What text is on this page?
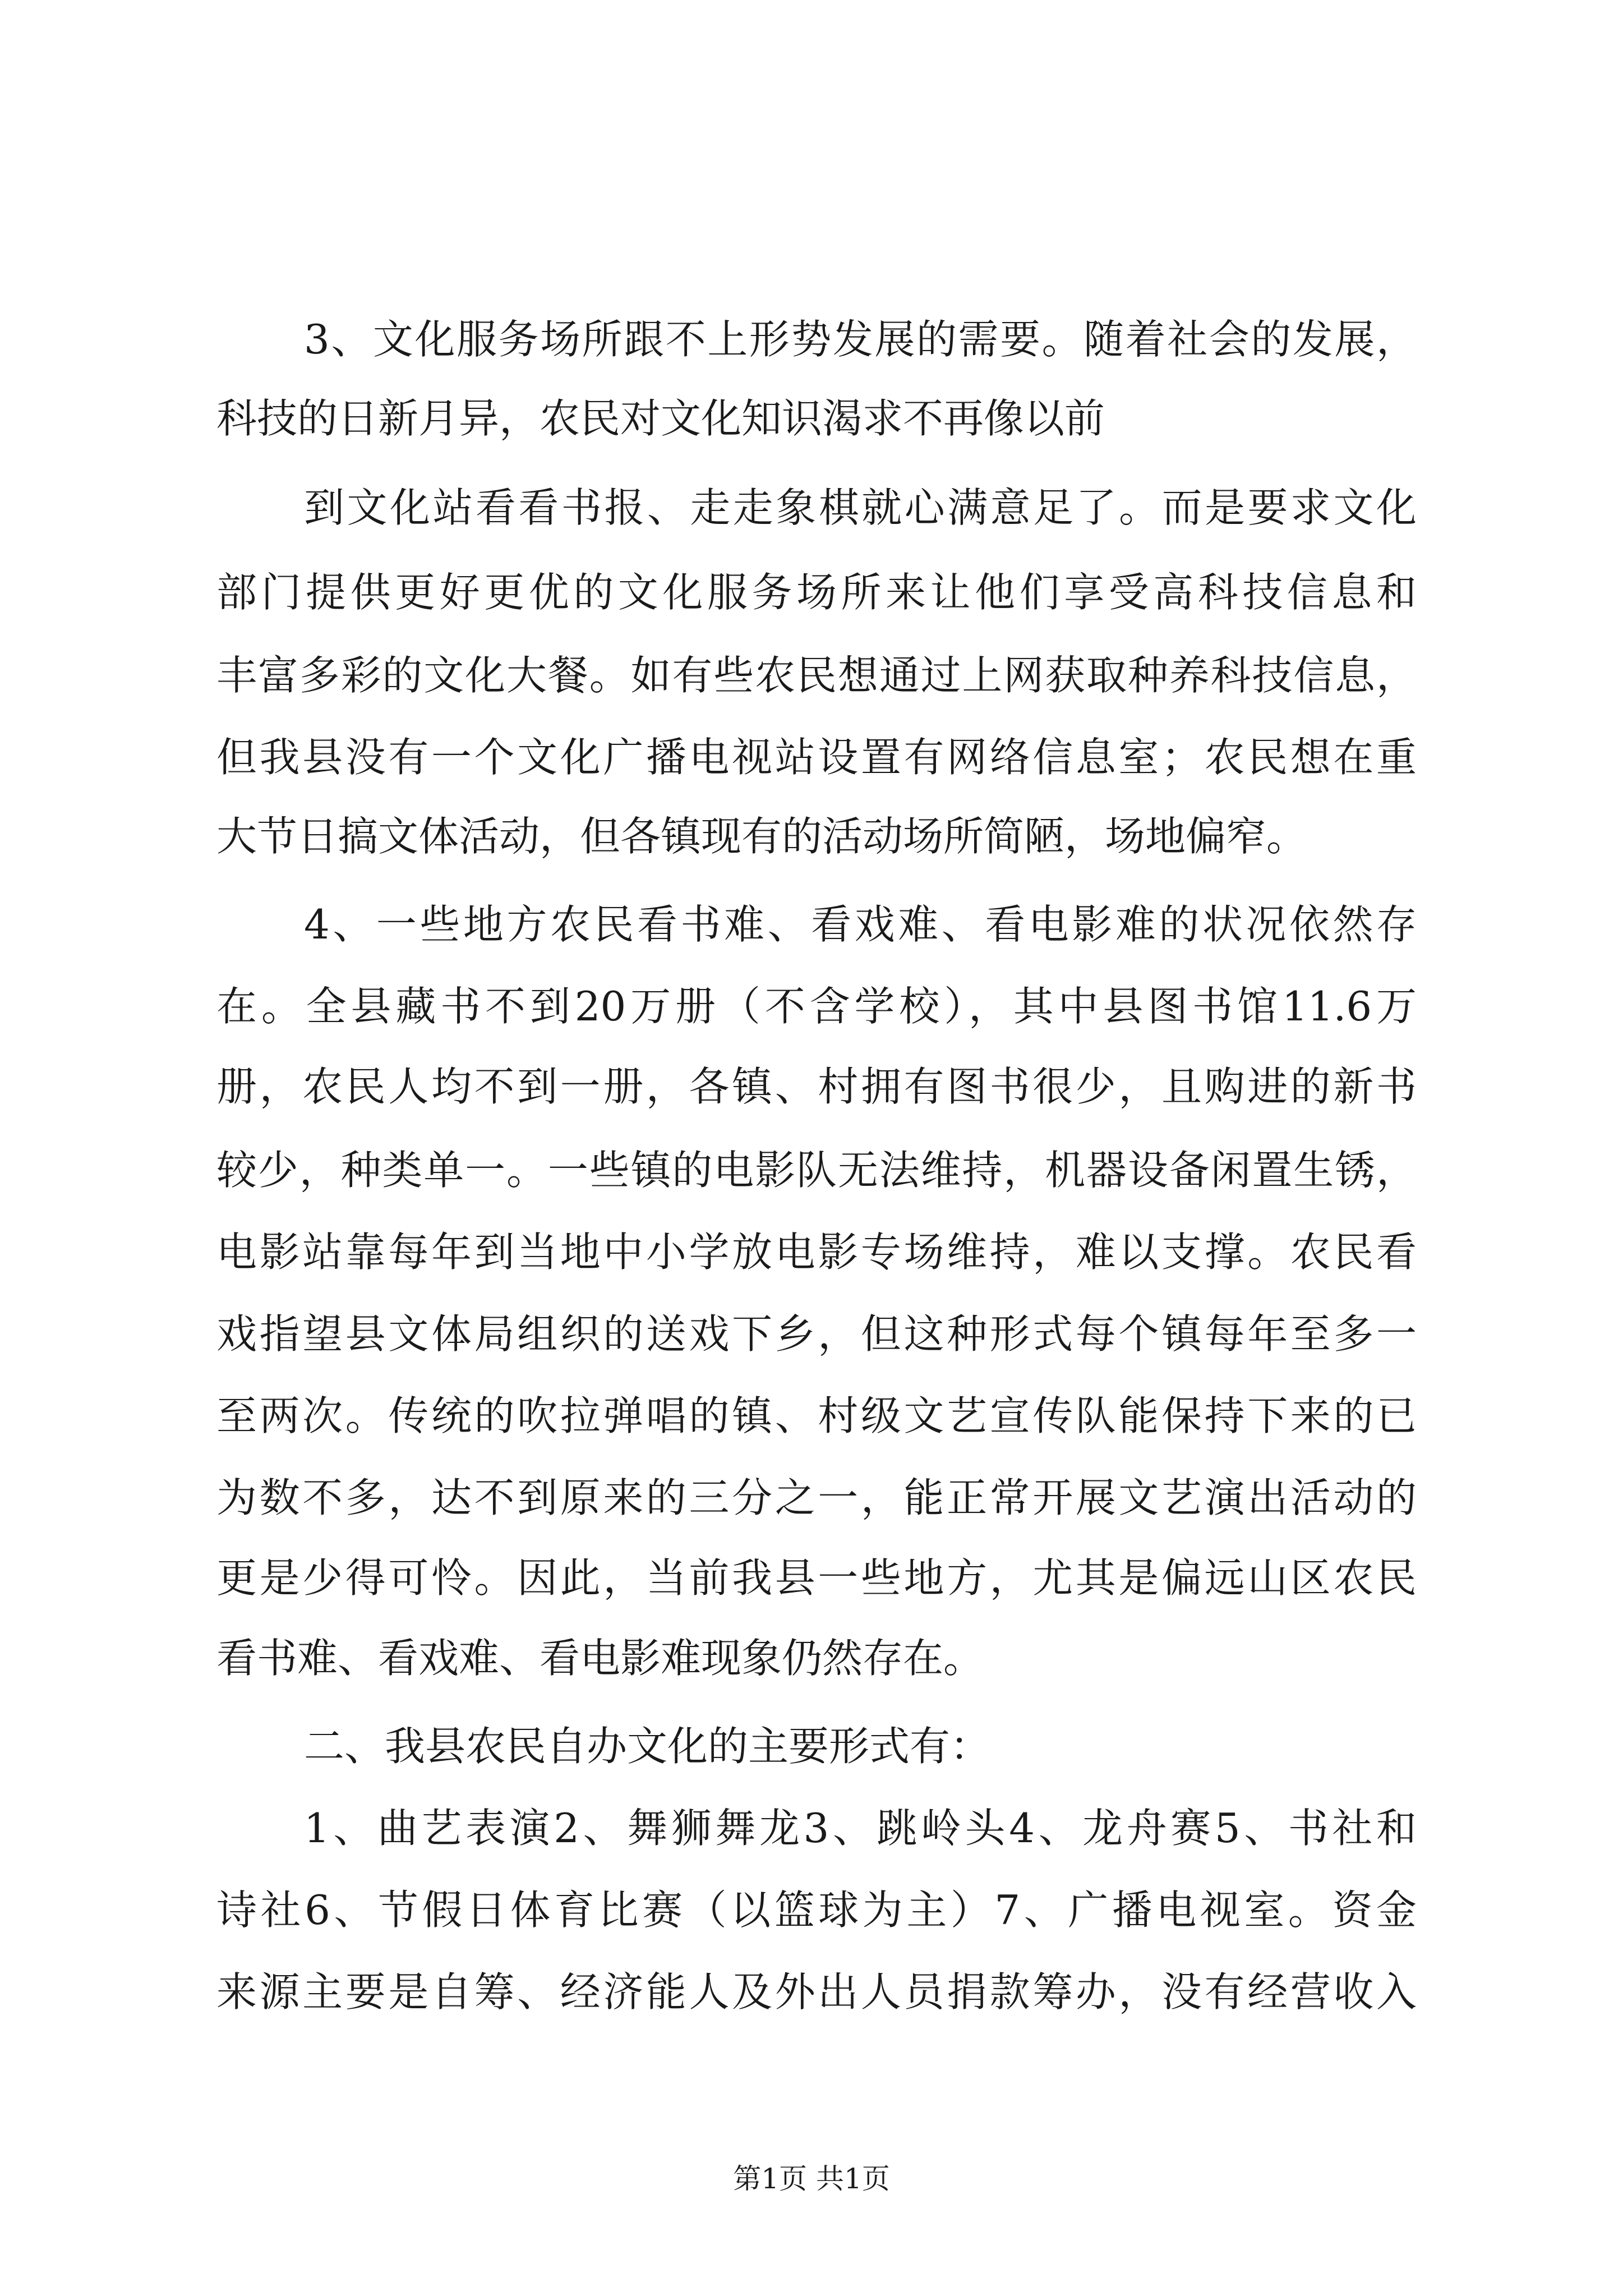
3、文化服务场所跟不上形势发展的需要。随着社会的发展，
科技的日新月异，农民对文化知识渴求不再像以前
到文化站看看书报、走走象棋就心满意足了。而是要求文化
部门提供更好更优的文化服务场所来让他们享受高科技信息和
丰富多彩的文化大餐。如有些农民想通过上网获取种养科技信息，
但我县没有一个文化广播电视站设置有网络信息室；农民想在重
大节日搞文体活动，但各镇现有的活动场所简陋，场地偏窄。
4、一些地方农民看书难、看戏难、看电影难的状况依然存
在。全县藏书不到20万册（不含学校），其中县图书馆11.6万
册，农民人均不到一册，各镇、村拥有图书很少，且购进的新书
较少，种类单一。一些镇的电影队无法维持，机器设备闲置生锈，
电影站靠每年到当地中小学放电影专场维持，难以支撑。农民看
戏指望县文体局组织的送戏下乡，但这种形式每个镇每年至多一
至两次。传统的吹拉弹唱的镇、村级文艺宣传队能保持下来的已
为数不多，达不到原来的三分之一，能正常开展文艺演出活动的
更是少得可怜。因此，当前我县一些地方，尤其是偏远山区农民
看书难、看戏难、看电影难现象仍然存在。
二、我县农民自办文化的主要形式有：
1、曲艺表演2、舞狮舞龙3、跳岭头4、龙舟赛5、书社和
诗社6、节假日体育比赛（以篮球为主）7、广播电视室。资金
来源主要是自筹、经济能人及外出人员捐款筹办，没有经营收入
第1页 共1页
